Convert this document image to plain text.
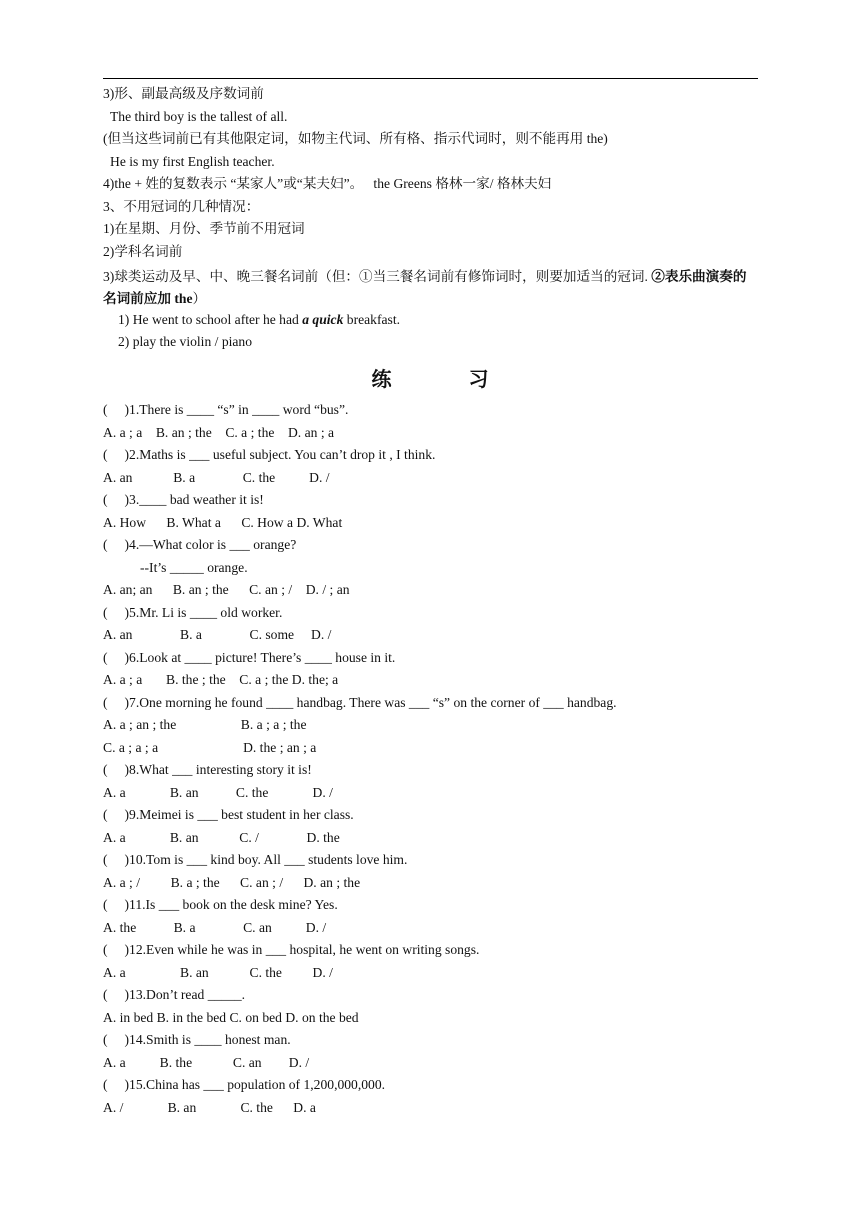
3)形、副最高级及序数词前
The third boy is the tallest of all.
(但当这些词前已有其他限定词，如物主代词、所有格、指示代词时，则不能再用 the)
He is my first English teacher.
4)the + 姓的复数表示 “某家人”或“某夫妇”。   the Greens 格林一家/ 格林夫妇
3、不用冠词的几种情况：
1)在星期、月份、季节前不用冠词
2)学科名词前
3)球类运动及早、中、晚三餐名词前（但：①当三餐名词前有修饰词时，则要加适当的冠词. ②表乐曲演奏的名词前应加 the）
1) He went to school after he had a quick breakfast.
2) play the violin / piano
练 习
(     )1.There is ____ “s” in ____ word “bus”.
A. a ; a    B. an ; the    C. a ; the    D. an ; a
(     )2.Maths is ___ useful subject. You can’t drop it , I think.
A. an            B. a              C. the          D. /
(     )3.____ bad weather it is!
A. How      B. What a      C. How a D. What
(     )4.—What color is ___ orange?
--It’s _____ orange.
A. an; an      B. an ; the      C. an ; /    D. / ; an
(     )5.Mr. Li is ____ old worker.
A. an              B. a              C. some     D. /
(     )6.Look at ____ picture! There’s ____ house in it.
A. a ; a       B. the ; the    C. a ; the D. the; a
(     )7.One morning he found ____ handbag. There was ___ “s” on the corner of ___ handbag.
A. a ; an ; the                   B. a ; a ; the
C. a ; a ; a                         D. the ; an ; a
(     )8.What ___ interesting story it is!
A. a             B. an           C. the             D. /
(     )9.Meimei is ___ best student in her class.
A. a             B. an            C. /              D. the
(     )10.Tom is ___ kind boy. All ___ students love him.
A. a ; /         B. a ; the      C. an ; /      D. an ; the
(     )11.Is ___ book on the desk mine? Yes.
A. the           B. a              C. an          D. /
(     )12.Even while he was in ___ hospital, he went on writing songs.
A. a                B. an            C. the         D. /
(     )13.Don’t read _____.
A. in bed B. in the bed C. on bed D. on the bed
(     )14.Smith is ____ honest man.
A. a          B. the            C. an        D. /
(     )15.China has ___ population of 1,200,000,000.
A. /             B. an             C. the      D. a
